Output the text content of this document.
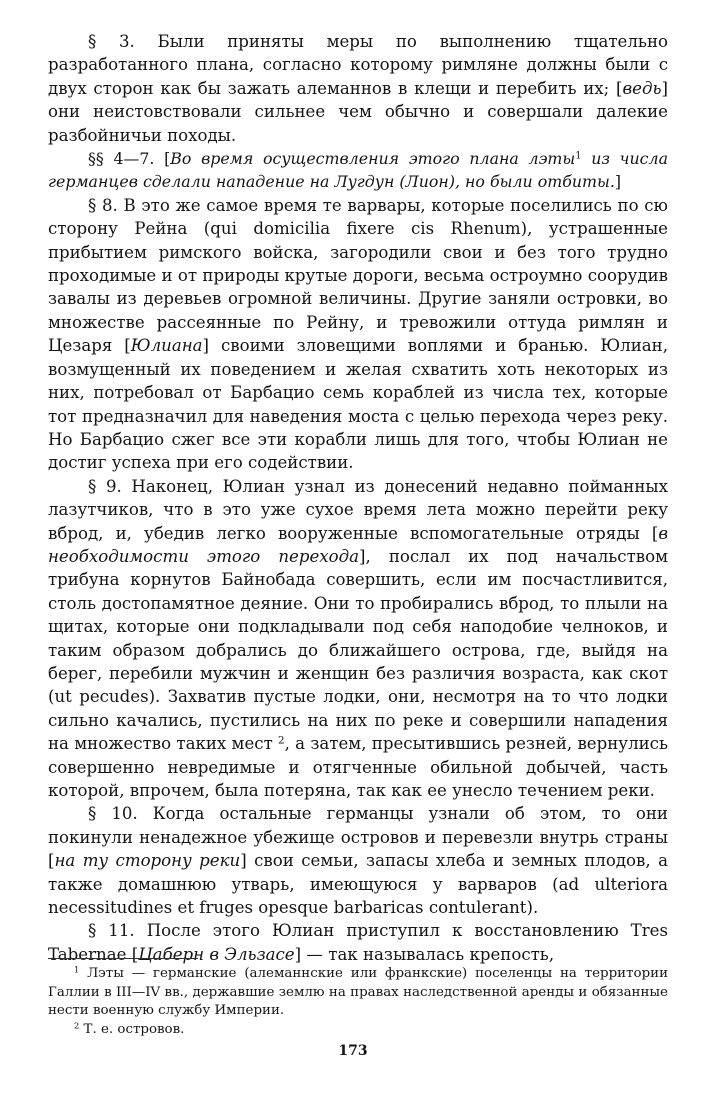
§ 3. Были приняты меры по выполнению тщательно разработанного плана, согласно которому римляне должны были с двух сторон как бы зажать алеманнов в клещи и перебить их; [ведь] они неистовствовали сильнее чем обычно и совершали далекие разбойничьи походы.

§§ 4—7. [Во время осуществления этого плана лэты$^1$ из числа германцев сделали нападение на Лугдун (Лион), но были отбиты.]

§ 8. В это же самое время те варвары, которые поселились по сю сторону Рейна (qui domicilia fixere cis Rhenum), устрашенные прибытием римского войска, загородили свои и без того трудно проходимые и от природы крутые дороги, весьма остроумно соорудив завалы из деревьев огромной величины. Другие заняли островки, во множестве рассеянные по Рейну, и тревожили оттуда римлян и Цезаря [Юлиана] своими зловещими воплями и бранью. Юлиан, возмущенный их поведением и желая схватить хоть некоторых из них, потребовал от Барбацио семь кораблей из числа тех, которые тот предназначил для наведения моста с целью перехода через реку. Но Барбацио сжег все эти корабли лишь для того, чтобы Юлиан не достиг успеха при его содействии.

§ 9. Наконец, Юлиан узнал из донесений недавно пойманных лазутчиков, что в это уже сухое время лета можно перейти реку вброд, и, убедив легко вооруженные вспомогательные отряды [в необходимости этого перехода], послал их под начальством трибуна корнутов Байнобада совершить, если им посчастливится, столь достопамятное деяние. Они то пробирались вброд, то плыли на щитах, которые они подкладывали под себя наподобие челноков, и таким образом добрались до ближайшего острова, где, выйдя на берег, перебили мужчин и женщин без различия возраста, как скот (ut pecudes). Захватив пустые лодки, они, несмотря на то что лодки сильно качались, пустились на них по реке и совершили нападения на множество таких мест $^2$, а затем, пресытившись резней, вернулись совершенно невредимые и отягченные обильной добычей, часть которой, впрочем, была потеряна, так как ее унесло течением реки.

§ 10. Когда остальные германцы узнали об этом, то они покинули ненадежное убежище островов и перевезли внутрь страны [на ту сторону реки] свои семьи, запасы хлеба и земных плодов, а также домашнюю утварь, имеющуюся у варваров (ad ulteriora necessitudines et fruges opesque barbaricas contulerant).

§ 11. После этого Юлиан приступил к восстановлению Tres Tabernae [Цаберн в Эльзасе] — так называлась крепость,

$^1$ Лэты — германские (алеманнские или франкские) поселенцы на территории Галлии в III—IV вв., державшие землю на правах наследственной аренды и обязанные нести военную службу Империи.

$^2$ Т. е. островов.

173
